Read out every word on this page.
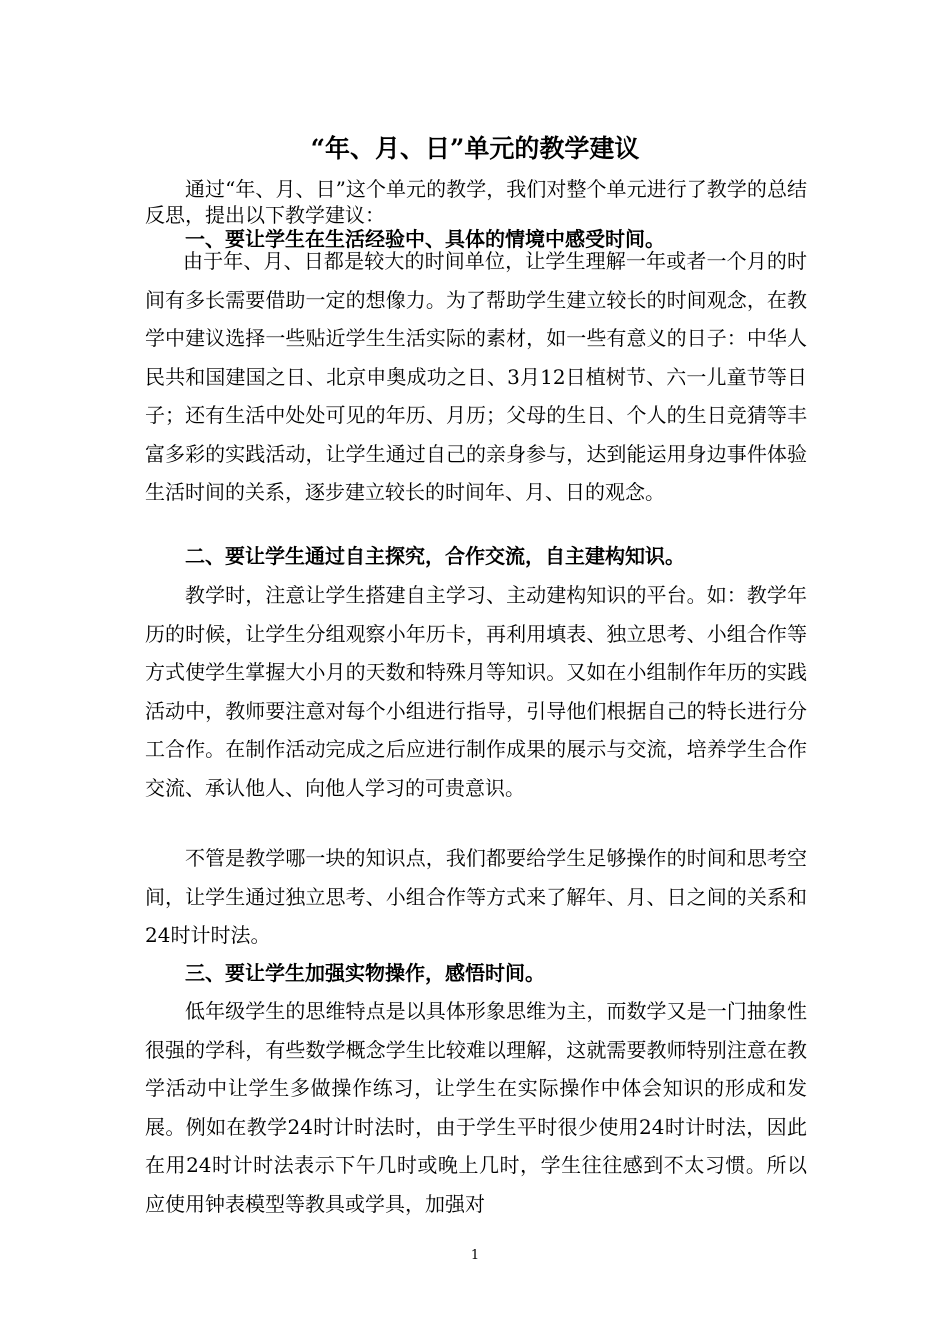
“年、月、日”单元的教学建议
通过“年、月、日”这个单元的教学，我们对整个单元进行了教学的总结反思，提出以下教学建议：
一、要让学生在生活经验中、具体的情境中感受时间。

由于年、月、日都是较大的时间单位，让学生理解一年或者一个月的时间有多长需要借助一定的想像力。为了帮助学生建立较长的时间观念，在教学中建议选择一些贴近学生生活实际的素材，如一些有意义的日子：中华人民共和国建国之日、北京申奥成功之日、3月12日植树节、六一儿童节等日子；还有生活中处处可见的年历、月历；父母的生日、个人的生日竞猜等丰富多彩的实践活动，让学生通过自己的亲身参与，达到能运用身边事件体验生活时间的关系，逐步建立较长的时间年、月、日的观念。

二、要让学生通过自主探究，合作交流，自主建构知识。

教学时，注意让学生搭建自主学习、主动建构知识的平台。如：教学年历的时候，让学生分组观察小年历卡，再利用填表、独立思考、小组合作等方式使学生掌握大小月的天数和特殊月等知识。又如在小组制作年历的实践活动中，教师要注意对每个小组进行指导，引导他们根据自己的特长进行分工合作。在制作活动完成之后应进行制作成果的展示与交流，培养学生合作交流、承认他人、向他人学习的可贵意识。

不管是教学哪一块的知识点，我们都要给学生足够操作的时间和思考空间，让学生通过独立思考、小组合作等方式来了解年、月、日之间的关系和24时计时法。

三、要让学生加强实物操作，感悟时间。

低年级学生的思维特点是以具体形象思维为主，而数学又是一门抽象性很强的学科，有些数学概念学生比较难以理解，这就需要教师特别注意在教学活动中让学生多做操作练习，让学生在实际操作中体会知识的形成和发展。例如在教学24时计时法时，由于学生平时很少使用24时计时法，因此在用24时计时法表示下午几时或晚上几时，学生往往感到不太习惯。所以应使用钟表模型等教具或学具，加强对

1
